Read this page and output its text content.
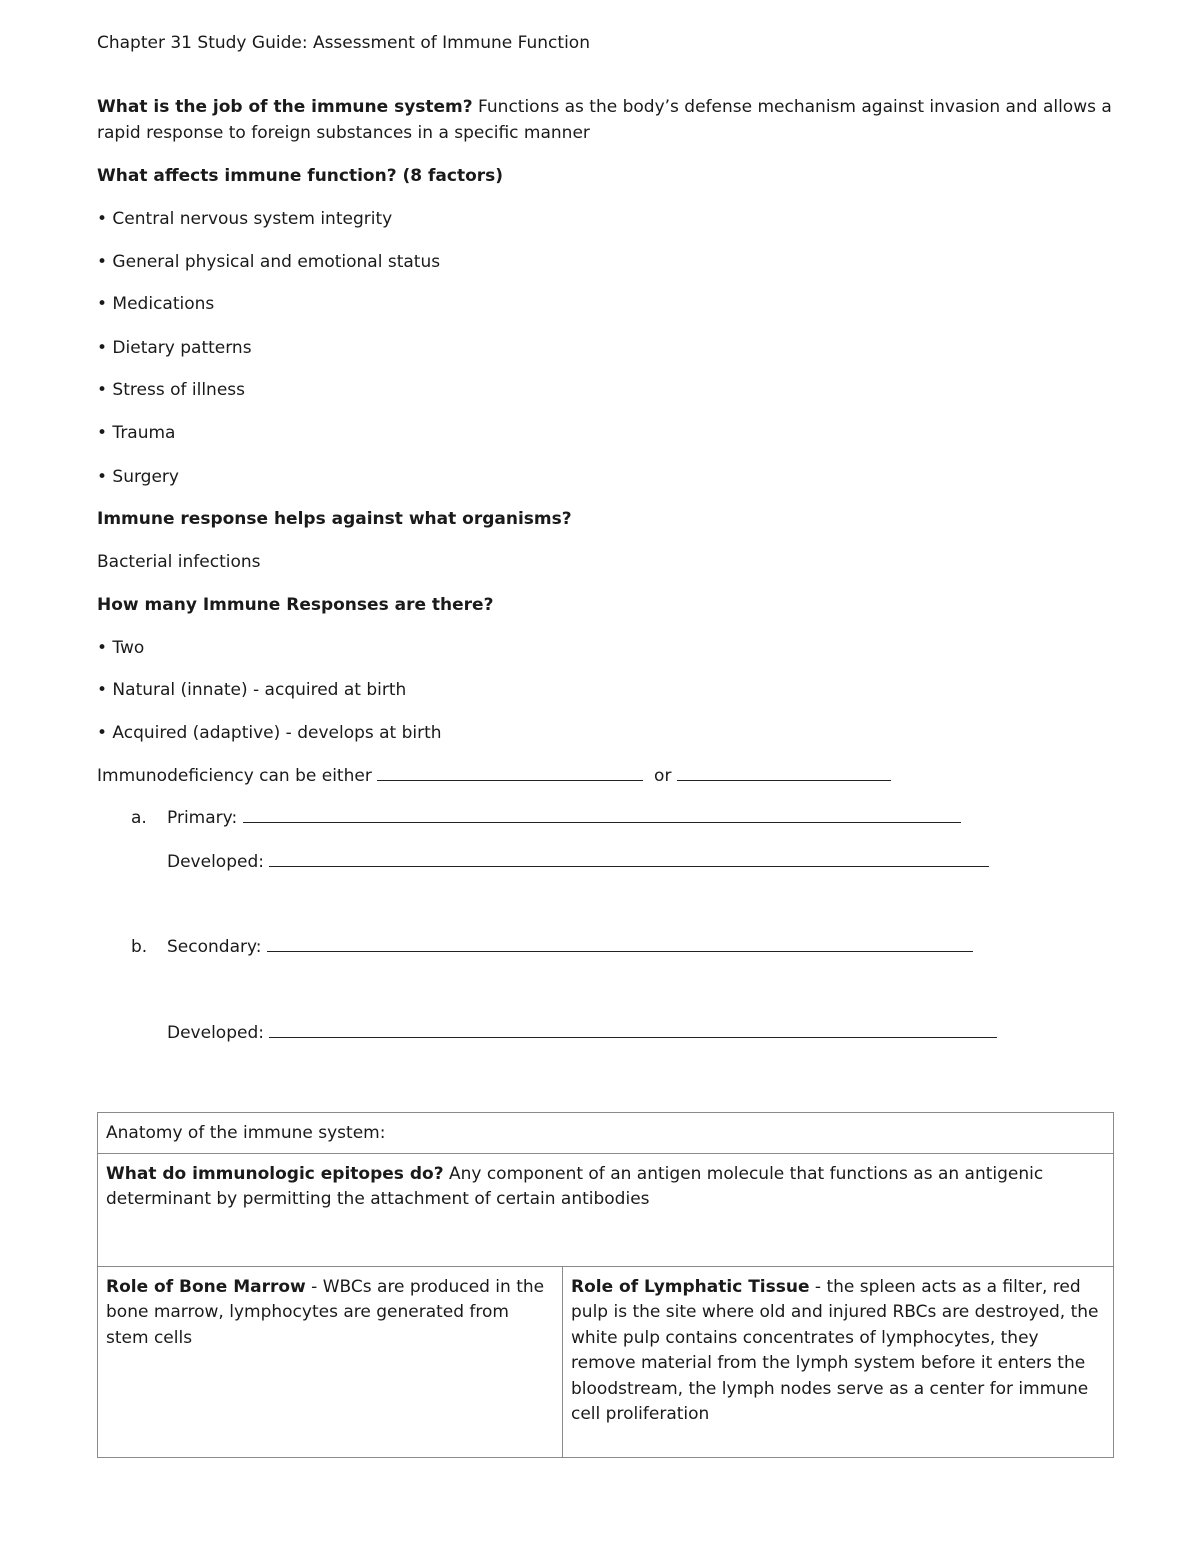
Chapter 31 Study Guide: Assessment of Immune Function
What is the job of the immune system? Functions as the body’s defense mechanism against invasion and allows a
rapid response to foreign substances in a specific manner
What affects immune function? (8 factors)
• Central nervous system integrity
• General physical and emotional status
• Medications
• Dietary patterns
• Stress of illness
• Trauma
• Surgery
Immune response helps against what organisms?
Bacterial infections
How many Immune Responses are there?
• Two
• Natural (innate) - acquired at birth
• Acquired (adaptive) - develops at birth
Immunodeficiency can be either	or
a. Primary:
Developed:
b. Secondary:
Developed:
Anatomy of the immune system:
What do immunologic epitopes do? Any component of an antigen molecule that functions as an antigenic determinant by permitting the attachment of certain antibodies
Role of Bone Marrow - WBCs are produced in the bone marrow, lymphocytes are generated from stem cells	Role of Lymphatic Tissue - the spleen acts as a filter, red pulp is the site where old and injured RBCs are destroyed, the white pulp contains concentrates of lymphocytes, they remove material from the lymph system before it enters the bloodstream, the lymph nodes serve as a center for immune cell proliferation
